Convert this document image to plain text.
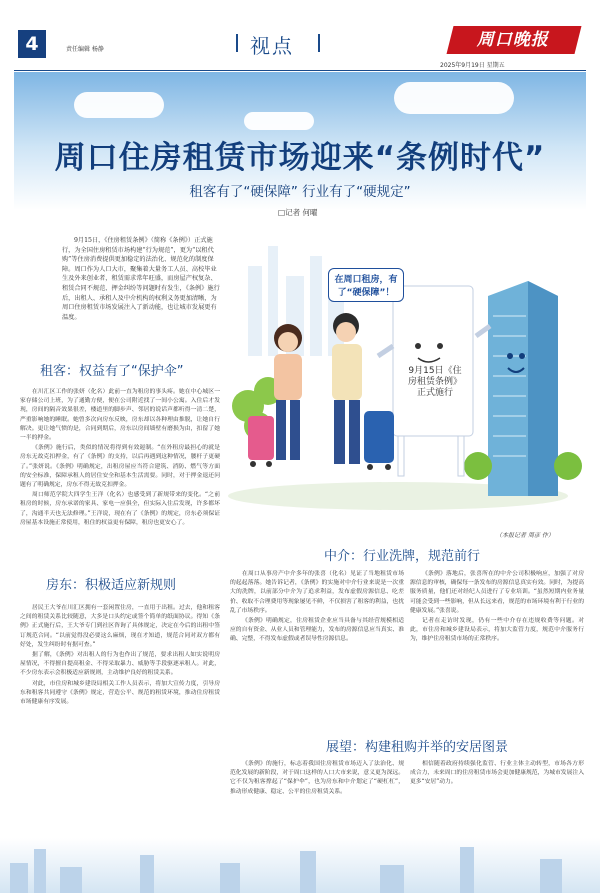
4	责任编辑 杨静	视点	周口晚报
2025年9月19日 星期五
周口住房租赁市场迎来“条例时代”
租客有了“硬保障” 行业有了“硬规定”
□记者 何曜

9月15日，《住房租赁条例》（简称《条例》）正式施行，为全国住房租赁市场构建“行为规范”，更为“以租代购”等住房消费提供更加稳定的法治化、规范化的制度保障。周口作为人口大市，聚集着大量务工人员、高校毕业生及外来创业者，租赁需求常年旺盛，而房屋产权复杂、租赁合同不规范、押金纠纷等问题时有发生，《条例》施行后，出租人、承租人及中介机构的权利义务更加清晰，为周口住房租赁市场发展注入了新动能，也让城市发展更有温度。

在周口租房，有了“硬保障”！
9月15日《住房租赁条例》正式施行
（本报记者 周彦 作）
租客：权益有了“保护伞”

在川汇区工作的张妍（化名）此前一直为租房的事头疼。她在中心城区一家存储公司上班，为了通勤方便，便在公司附近找了一间小公寓。入住后才发现，房间的隔音效果很差，楼道里的脚步声、邻居的说话声都听得一清二楚，严重影响她的睡眠。她曾多次向房东反映，房东却以各种理由推脱，让她自行解决。更让她气愤的是，合同到期后，房东以房间墙壁有磨损为由，扣留了她一半的押金。

《条例》施行后，类似的情况将得到有效遏制。“在外租房最担心的就是房东无故克扣押金，有了《条例》的支持，以后再遇到这种情况，腰杆子更硬了。”张妍说。《条例》明确规定，出租房屋应当符合建筑、消防、燃气等方面的安全标准，保障承租人的居住安全和基本生活需要。同时，对于押金退还问题有了明确规定，房东不得无故克扣押金。

周口师范学院大四学生王洋（化名）也感受到了新规带来的变化。“之前租房的时候，房东承诺的家具、家电一应俱全，但实际入住后发现，许多都坏了，沟通半天也无法修理。”王洋说，现在有了《条例》的规定，房东必须保证房屋基本设施正常使用，租住的权益更有保障，租房也更安心了。

房东：积极适应新规则

居民王大爷在川汇区拥有一套闲置住房，一直用于出租。过去，他和租客之间的租赁关系比较随意，大多是口头约定或签个简单的纸面协议。得知《条例》正式施行后，王大爷专门到社区咨询了具体规定，决定在今后的出租中签订规范合同。“以前觉得没必要这么麻烦，现在才知道，规范合同对双方都有好处，发生纠纷时有据可查。”

据了解，《条例》对出租人的行为也作出了规范，要求出租人如实说明房屋情况，不得擅自提高租金、不得采取暴力、威胁等手段驱逐承租人。对此，不少房东表示会积极适应新规则，主动维护良好的租赁关系。

对此，市住房和城乡建设局相关工作人员表示，将加大宣传力度，引导房东和租客共同遵守《条例》规定，营造公平、规范的租赁环境，推动住房租赁市场健康有序发展。

中介：行业洗牌，规范前行

在周口从事房产中介多年的张喜（化名）见证了当地租赁市场的起起落落。她告诉记者，《条例》的实施对中介行业来说是一次重大的洗牌，以前部分中介为了追求利益，发布虚假房源信息、吃差价、收取不合理费用等现象屡见不鲜，不仅损害了租客的利益，也扰乱了市场秩序。

《条例》明确规定，住房租赁企业应当具备与其经营规模相适应的自有资金、从业人员和管理能力，发布的房源信息应当真实、准确、完整，不得发布虚假或者误导性房源信息。

《条例》落地后，张喜所在的中介公司积极响应，加强了对房源信息的审核，确保每一条发布的房源信息真实有效。同时，为提高服务质量，他们还对经纪人员进行了专业培训。“虽然短期内业务量可能会受到一些影响，但从长远来看，规范的市场环境有利于行业的健康发展。”张喜说。

记者在走访时发现，仍有一些中介存在违规收费等问题。对此，市住房和城乡建设局表示，将加大监管力度，规范中介服务行为，维护住房租赁市场的正常秩序。

展望：构建租购并举的安居图景

《条例》的施行，标志着我国住房租赁市场迈入了法治化、规范化发展的新阶段，对于周口这样的人口大市来说，意义更为深远。它不仅为租客撑起了“保护伞”，也为房东和中介划定了“硬杠杠”，推动形成健康、稳定、公平的住房租赁关系。

相信随着政府持续强化监管、行业主体主动转型，市场各方形成合力，未来周口的住房租赁市场会更加健康规范，为城市发展注入更多“安居”动力。
